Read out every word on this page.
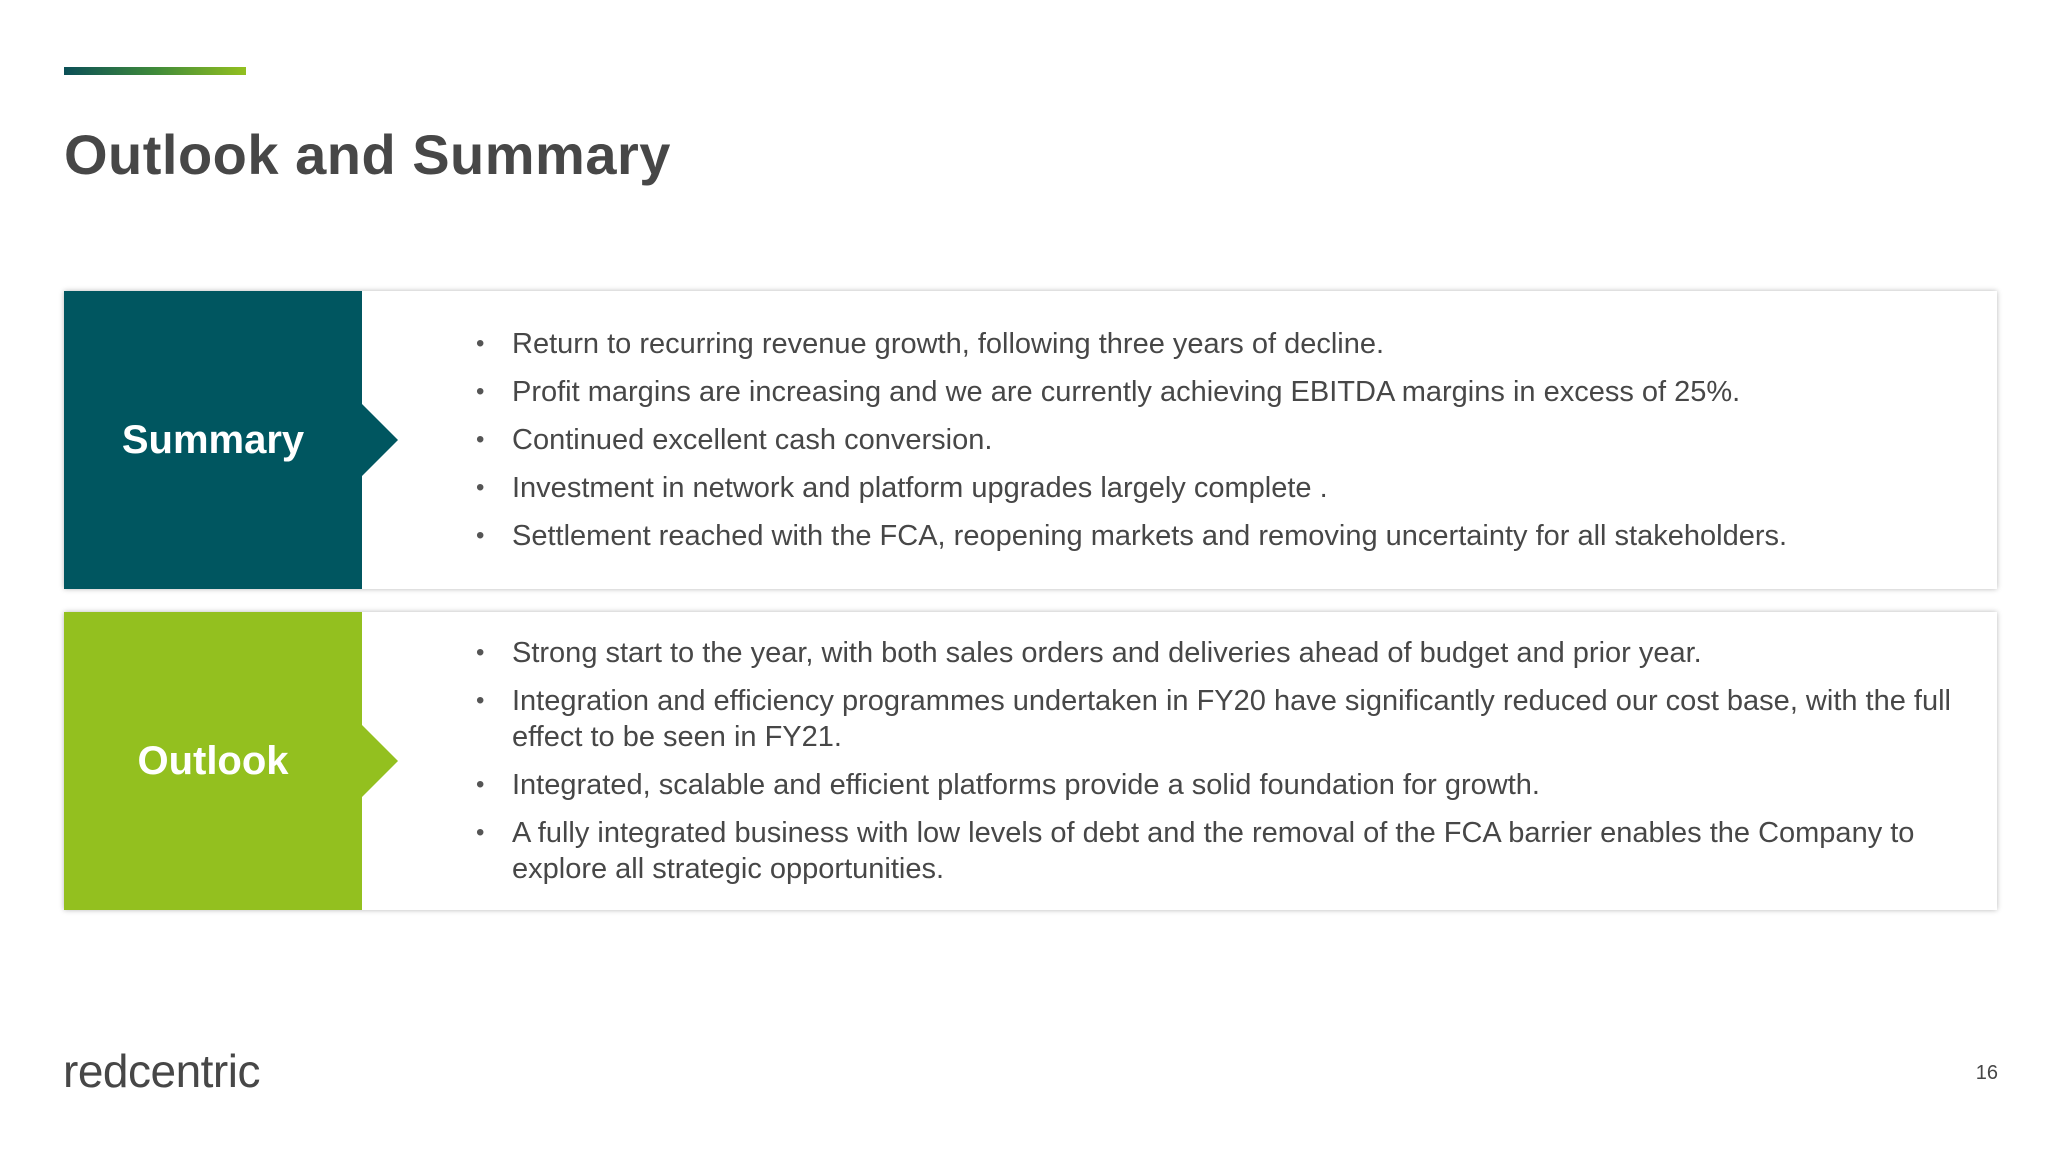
Outlook and Summary
Summary
• Return to recurring revenue growth, following three years of decline.
• Profit margins are increasing and we are currently achieving EBITDA margins in excess of 25%.
• Continued excellent cash conversion.
• Investment in network and platform upgrades largely complete .
• Settlement reached with the FCA, reopening markets and removing uncertainty for all stakeholders.
Outlook
• Strong start to the year, with both sales orders and deliveries ahead of budget and prior year.
• Integration and efficiency programmes undertaken in FY20 have significantly reduced our cost base, with the full effect to be seen in FY21.
• Integrated, scalable and efficient platforms provide a solid foundation for growth.
• A fully integrated business with low levels of debt and the removal of the FCA barrier enables the Company to explore all strategic opportunities.
redcentric	16
